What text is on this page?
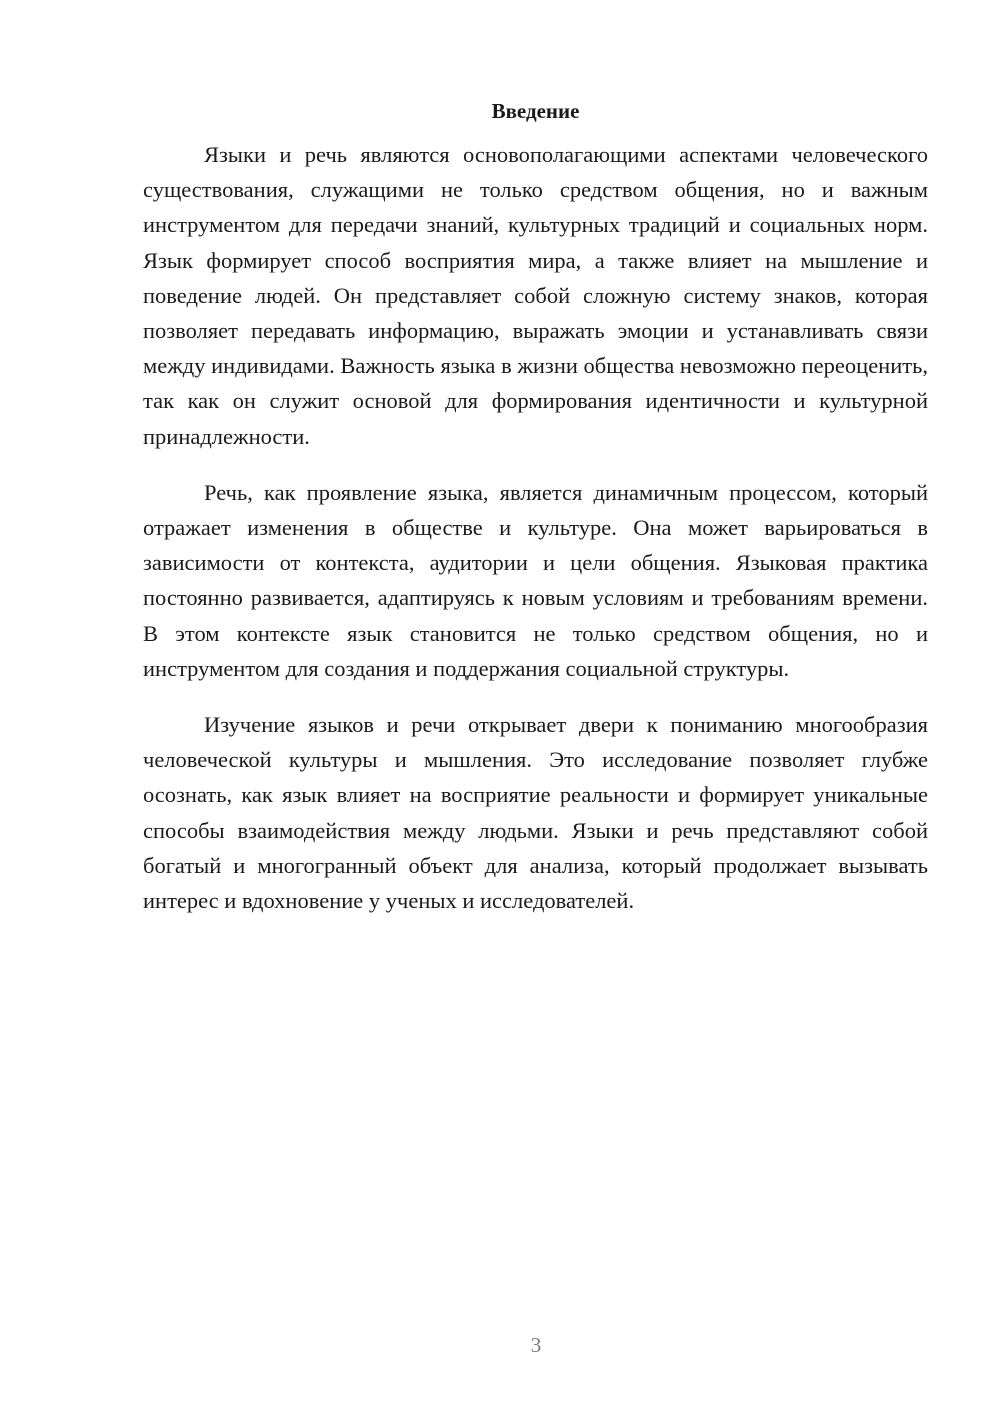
Введение

Языки и речь являются основополагающими аспектами человеческого существования, служащими не только средством общения, но и важным инструментом для передачи знаний, культурных традиций и социальных норм. Язык формирует способ восприятия мира, а также влияет на мышление и поведение людей. Он представляет собой сложную систему знаков, которая позволяет передавать информацию, выражать эмоции и устанавливать связи между индивидами. Важность языка в жизни общества невозможно переоценить, так как он служит основой для формирования идентичности и культурной принадлежности.

Речь, как проявление языка, является динамичным процессом, который отражает изменения в обществе и культуре. Она может варьироваться в зависимости от контекста, аудитории и цели общения. Языковая практика постоянно развивается, адаптируясь к новым условиям и требованиям времени. В этом контексте язык становится не только средством общения, но и инструментом для создания и поддержания социальной структуры.

Изучение языков и речи открывает двери к пониманию многообразия человеческой культуры и мышления. Это исследование позволяет глубже осознать, как язык влияет на восприятие реальности и формирует уникальные способы взаимодействия между людьми. Языки и речь представляют собой богатый и многогранный объект для анализа, который продолжает вызывать интерес и вдохновение у ученых и исследователей.

3
